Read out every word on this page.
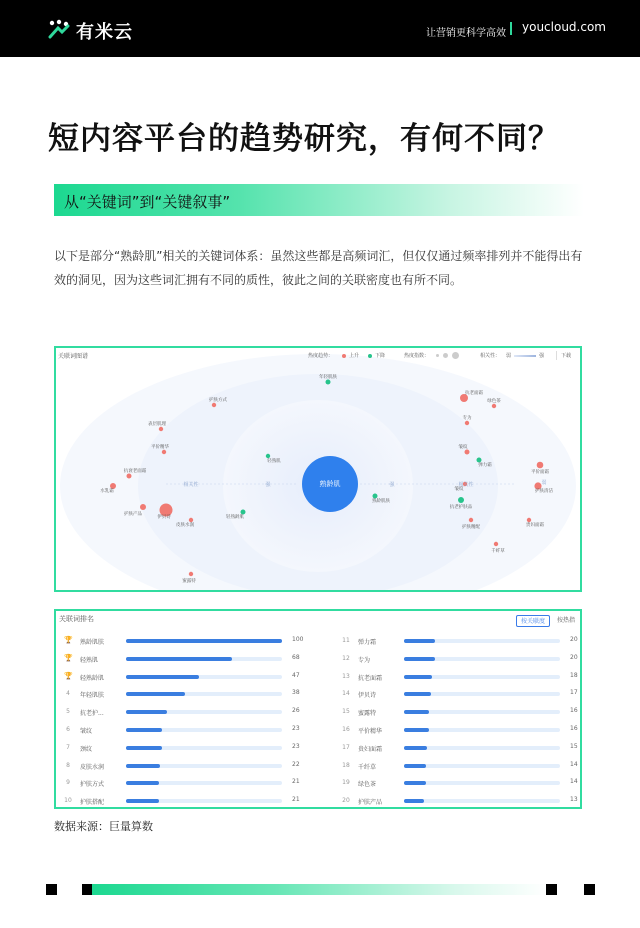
有米云	让营销更科学高效 youcloud.com
短内容平台的趋势研究，有何不同？
从“关键词”到“关键叙事”
以下是部分“熟龄肌”相关的关键词体系：虽然这些都是高频词汇，但仅仅通过频率排列并不能得出有效的洞见，因为这些词汇拥有不同的质性，彼此之间的关联密度也有所不同。
年轻肌肤
护肤方式
表层肌理
平价精华
抗衰老面霜
水乳霜
护肤产品
伊贝诗
皮肤水润
轻熟肌
轻熟龄肌
熟龄肌肤
蜜露特
抗老面霜
绿色茶
专为
皱纹
弹力霜
皱纹
抗老护肤品
护肤精配
平价面霜
护肤清洁
贵妇面霜
千纤草
熟龄肌
相关性	强	强	相关性	弱
关联词图谱	热度趋势：	上升	下降	热度指数：	相关性： 弱	强	下载
关联词排名	按关联度	按热指
🏆 熟龄肌肤	100
🏆 轻熟肌	68
🏆 轻熟龄肌	47
4	年轻肌肤	38
5	抗老护...	26
6	皱纹	23
7	颈纹	23
8	皮肤水润	22
9	护肤方式	21
10	护肤搭配	21
11	弹力霜	20
12	专为	20
13	抗老面霜	18
14	伊贝诗	17
15	蜜露特	16
16	平价精华	16
17	贵妇面霜	15
18	千纤草	14
19	绿色茶	14
20	护肤产品	13
数据来源：巨量算数
